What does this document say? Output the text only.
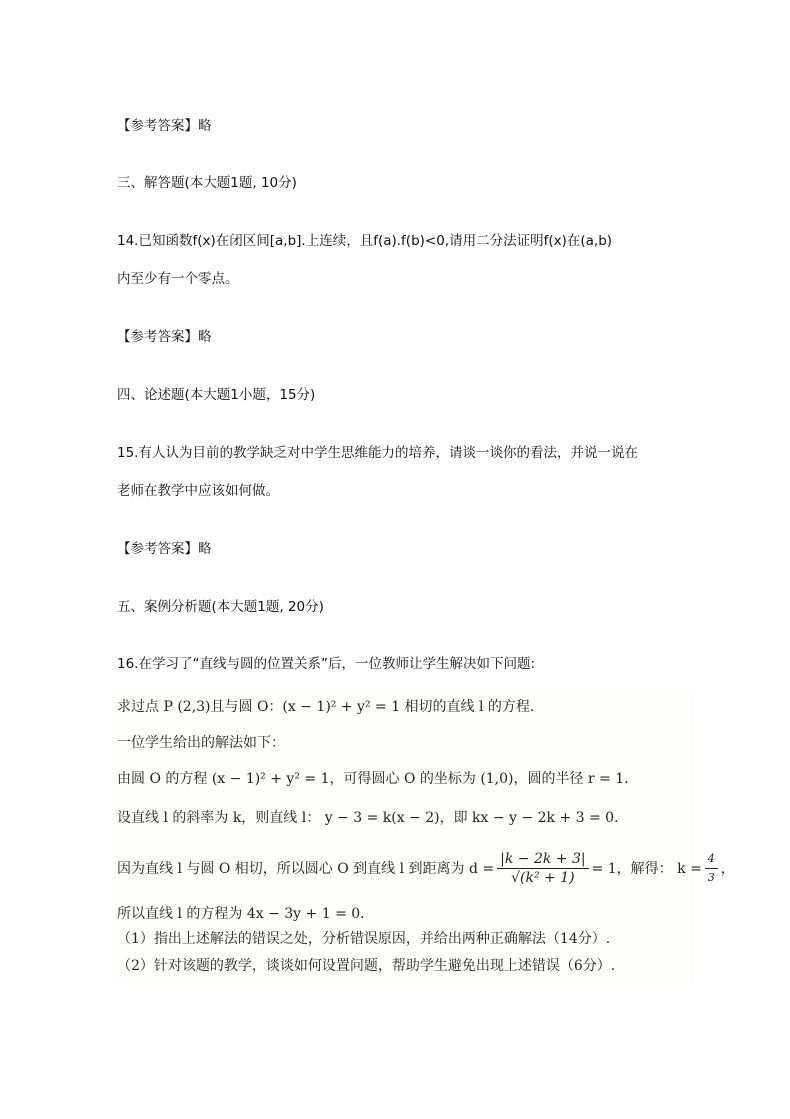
【参考答案】略
三、解答题(本大题1题, 10分)
14.已知函数f(x)在闭区间[a,b].上连续，且f(a).f(b)<0,请用二分法证明f(x)在(a,b)
内至少有一个零点。
【参考答案】略
四、论述题(本大题1小题，15分)
15.有人认为目前的教学缺乏对中学生思维能力的培养，请谈一谈你的看法，并说一说在
老师在教学中应该如何做。
【参考答案】略
五、案例分析题(本大题1题, 20分)
16.在学习了“直线与圆的位置关系”后，一位教师让学生解决如下问题:
求过点 P (2,3)且与圆 O：(x − 1)² + y² = 1 相切的直线 l 的方程．
一位学生给出的解法如下：
由圆 O 的方程 (x − 1)² + y² = 1，可得圆心 O 的坐标为 (1,0)，圆的半径 r = 1．
设直线 l 的斜率为 k，则直线 l： y − 3 = k(x − 2)，即 kx − y − 2k + 3 = 0．
因为直线 l 与圆 O 相切，所以圆心 O 到直线 l 到距离为 $d = \frac{|k - 2k + 3|}{\text{√(k² + 1)}} = 1$，解得： $k = \frac{4}{3}$ ，
所以直线 l 的方程为 4x − 3y + 1 = 0．
（1）指出上述解法的错误之处，分析错误原因，并给出两种正确解法（14分）.
（2）针对该题的教学，谈谈如何设置问题，帮助学生避免出现上述错误（6分）.
